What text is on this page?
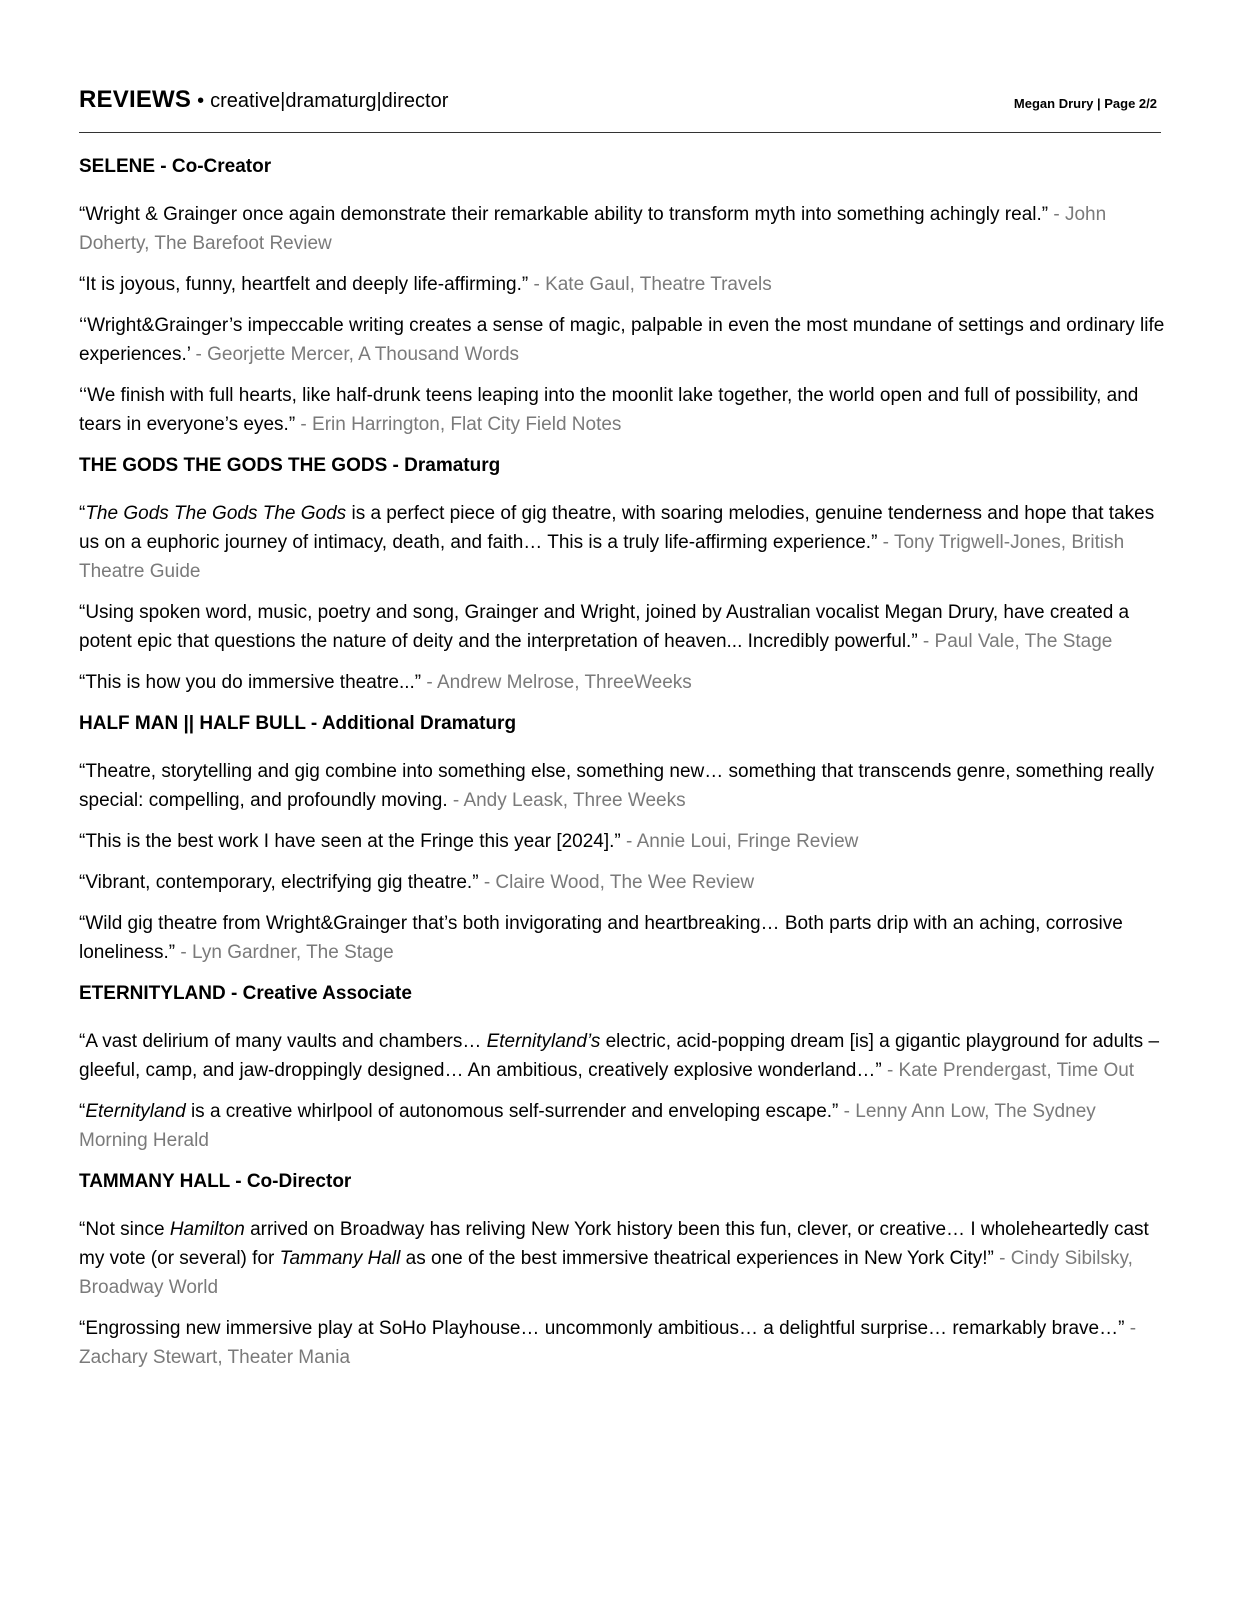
REVIEWS • creative|dramaturg|director	Megan Drury | Page 2/2
SELENE - Co-Creator
“Wright & Grainger once again demonstrate their remarkable ability to transform myth into something achingly real.” - John Doherty, The Barefoot Review
“It is joyous, funny, heartfelt and deeply life-affirming.” - Kate Gaul, Theatre Travels
‘‘Wright&Grainger’s impeccable writing creates a sense of magic, palpable in even the most mundane of settings and ordinary life experiences.’ - Georjette Mercer, A Thousand Words
‘‘We finish with full hearts, like half-drunk teens leaping into the moonlit lake together, the world open and full of possibility, and tears in everyone’s eyes.” - Erin Harrington, Flat City Field Notes
THE GODS THE GODS THE GODS - Dramaturg
“The Gods The Gods The Gods is a perfect piece of gig theatre, with soaring melodies, genuine tenderness and hope that takes us on a euphoric journey of intimacy, death, and faith… This is a truly life-affirming experience.” - Tony Trigwell-Jones, British Theatre Guide
“Using spoken word, music, poetry and song, Grainger and Wright, joined by Australian vocalist Megan Drury, have created a potent epic that questions the nature of deity and the interpretation of heaven... Incredibly powerful.” - Paul Vale, The Stage
“This is how you do immersive theatre...” - Andrew Melrose, ThreeWeeks
HALF MAN || HALF BULL - Additional Dramaturg
“Theatre, storytelling and gig combine into something else, something new… something that transcends genre, something really special: compelling, and profoundly moving. - Andy Leask, Three Weeks
“This is the best work I have seen at the Fringe this year [2024].” - Annie Loui, Fringe Review
“Vibrant, contemporary, electrifying gig theatre.” - Claire Wood, The Wee Review
“Wild gig theatre from Wright&Grainger that’s both invigorating and heartbreaking… Both parts drip with an aching, corrosive loneliness.” - Lyn Gardner, The Stage
ETERNITYLAND - Creative Associate
“A vast delirium of many vaults and chambers… Eternityland’s electric, acid-popping dream [is] a gigantic playground for adults – gleeful, camp, and jaw-droppingly designed… An ambitious, creatively explosive wonderland…” - Kate Prendergast, Time Out
“Eternityland is a creative whirlpool of autonomous self-surrender and enveloping escape.” - Lenny Ann Low, The Sydney Morning Herald
TAMMANY HALL - Co-Director
“Not since Hamilton arrived on Broadway has reliving New York history been this fun, clever, or creative… I wholeheartedly cast my vote (or several) for Tammany Hall as one of the best immersive theatrical experiences in New York City!” - Cindy Sibilsky, Broadway World
“Engrossing new immersive play at SoHo Playhouse… uncommonly ambitious… a delightful surprise… remarkably brave…” - Zachary Stewart, Theater Mania
